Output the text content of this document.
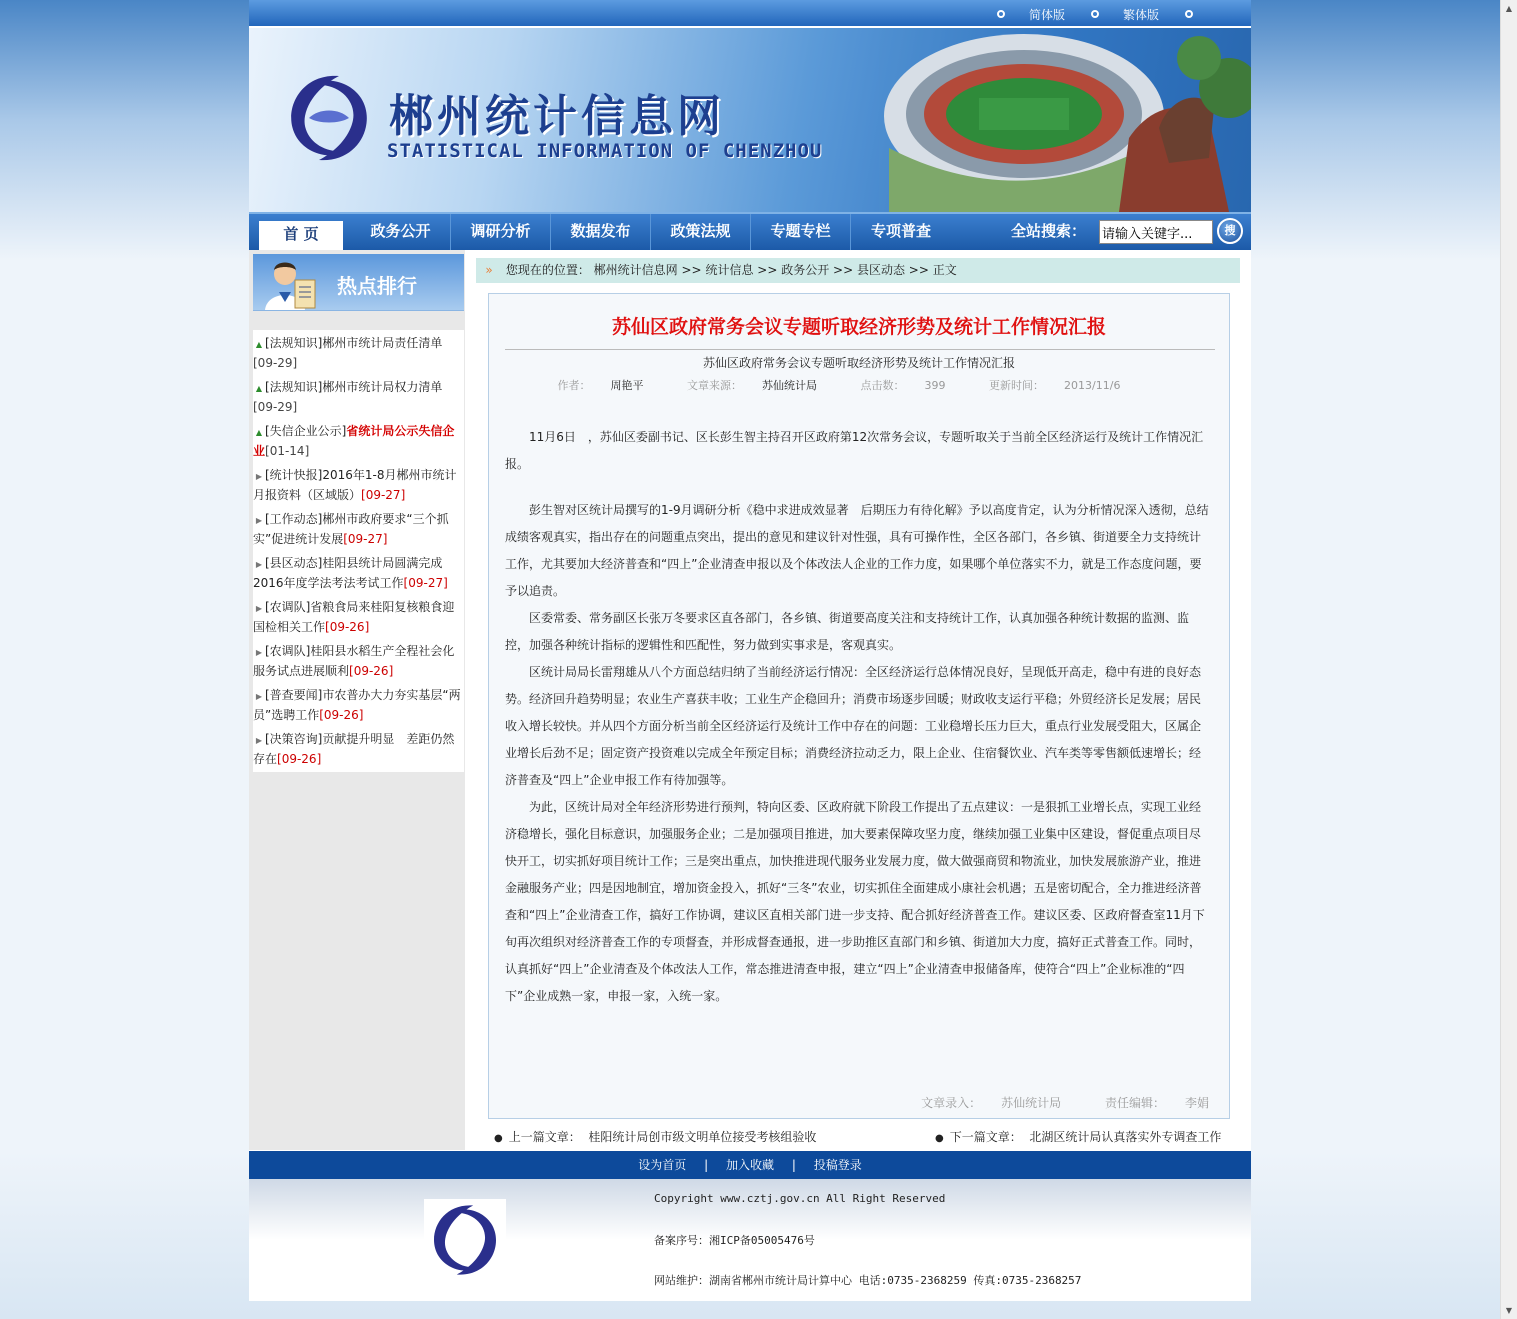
▲
▼
简体版	繁体版
郴州统计信息网
STATISTICAL INFORMATION OF CHENZHOU
首 页	政务公开	调研分析	数据发布	政策法规	专题专栏	专项普查	全站搜索：
请输入关键字...	搜
热点排行
▲ [法规知识]郴州市统计局责任清单
[09-29]
▲ [法规知识]郴州市统计局权力清单
[09-29]
▲ [失信企业公示]省统计局公示失信企业[01-14]
▶ [统计快报]2016年1-8月郴州市统计月报资料（区域版）[09-27]
▶ [工作动态]郴州市政府要求“三个抓实”促进统计发展[09-27]
▶ [县区动态]桂阳县统计局圆满完成2016年度学法考法考试工作[09-27]
▶ [农调队]省粮食局来桂阳复核粮食迎国检相关工作[09-26]
▶ [农调队]桂阳县水稻生产全程社会化服务试点进展顺利[09-26]
▶ [普查要闻]市农普办大力夯实基层“两员”选聘工作[09-26]
▶ [决策咨询]贡献提升明显　差距仍然存在[09-26]
» 您现在的位置： 郴州统计信息网 >> 统计信息 >> 政务公开 >> 县区动态 >> 正文
苏仙区政府常务会议专题听取经济形势及统计工作情况汇报
苏仙区政府常务会议专题听取经济形势及统计工作情况汇报
作者： 周艳平	文章来源： 苏仙统计局	点击数： 399	更新时间： 2013/11/6

11月6日　，苏仙区委副书记、区长彭生智主持召开区政府第12次常务会议，专题听取关于当前全区经济运行及统计工作情况汇报。

彭生智对区统计局撰写的1-9月调研分析《稳中求进成效显著　后期压力有待化解》予以高度肯定，认为分析情况深入透彻，总结成绩客观真实，指出存在的问题重点突出，提出的意见和建议针对性强，具有可操作性，全区各部门，各乡镇、街道要全力支持统计工作，尤其要加大经济普查和“四上”企业清查申报以及个体改法人企业的工作力度，如果哪个单位落实不力，就是工作态度问题，要予以追责。

区委常委、常务副区长张万冬要求区直各部门，各乡镇、街道要高度关注和支持统计工作，认真加强各种统计数据的监测、监控，加强各种统计指标的逻辑性和匹配性，努力做到实事求是，客观真实。

区统计局局长雷翔雄从八个方面总结归纳了当前经济运行情况：全区经济运行总体情况良好，呈现低开高走，稳中有进的良好态势。经济回升趋势明显；农业生产喜获丰收；工业生产企稳回升；消费市场逐步回暖；财政收支运行平稳；外贸经济长足发展；居民收入增长较快。并从四个方面分析当前全区经济运行及统计工作中存在的问题：工业稳增长压力巨大，重点行业发展受阻大，区属企业增长后劲不足；固定资产投资难以完成全年预定目标；消费经济拉动乏力，限上企业、住宿餐饮业、汽车类等零售额低速增长；经济普查及“四上”企业申报工作有待加强等。

为此，区统计局对全年经济形势进行预判，特向区委、区政府就下阶段工作提出了五点建议：一是狠抓工业增长点，实现工业经济稳增长，强化目标意识，加强服务企业；二是加强项目推进，加大要素保障攻坚力度，继续加强工业集中区建设，督促重点项目尽快开工，切实抓好项目统计工作；三是突出重点，加快推进现代服务业发展力度，做大做强商贸和物流业，加快发展旅游产业，推进金融服务产业；四是因地制宜，增加资金投入，抓好“三冬”农业，切实抓住全面建成小康社会机遇；五是密切配合，全力推进经济普查和“四上”企业清查工作，搞好工作协调，建议区直相关部门进一步支持、配合抓好经济普查工作。建议区委、区政府督查室11月下旬再次组织对经济普查工作的专项督查，并形成督查通报，进一步助推区直部门和乡镇、街道加大力度，搞好正式普查工作。同时，认真抓好“四上”企业清查及个体改法人工作，常态推进清查申报，建立“四上”企业清查申报储备库，使符合“四上”企业标准的“四下”企业成熟一家，申报一家，入统一家。

文章录入： 苏仙统计局	责任编辑： 李娟
● 上一篇文章： 桂阳统计局创市级文明单位接受考核组验收	● 下一篇文章： 北湖区统计局认真落实外专调查工作
设为首页 | 加入收藏 | 投稿登录
Copyright www.cztj.gov.cn All Right Reserved
备案序号：湘ICP备05005476号
网站维护：湖南省郴州市统计局计算中心 电话:0735-2368259 传真:0735-2368257
